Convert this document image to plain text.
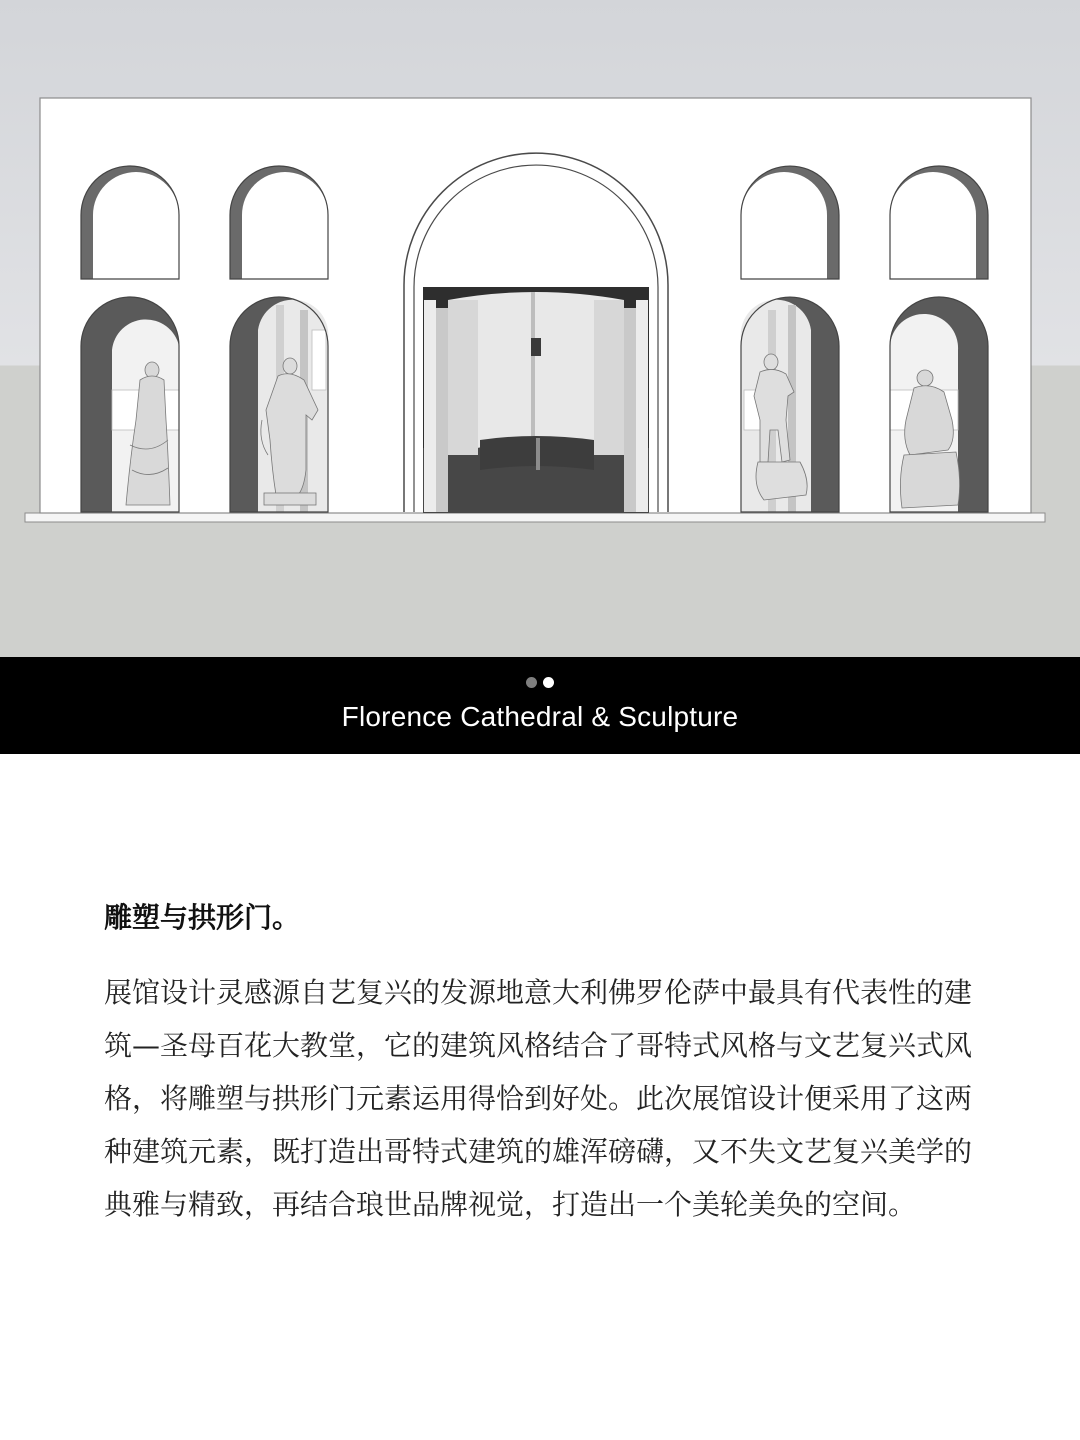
Florence Cathedral & Sculpture
雕塑与拱形门。

展馆设计灵感源自艺复兴的发源地意大利佛罗伦萨中最具有代表性的建筑—圣母百花大教堂，它的建筑风格结合了哥特式风格与文艺复兴式风格，将雕塑与拱形门元素运用得恰到好处。此次展馆设计便采用了这两种建筑元素，既打造出哥特式建筑的雄浑磅礴，又不失文艺复兴美学的典雅与精致，再结合琅世品牌视觉，打造出一个美轮美奂的空间。
